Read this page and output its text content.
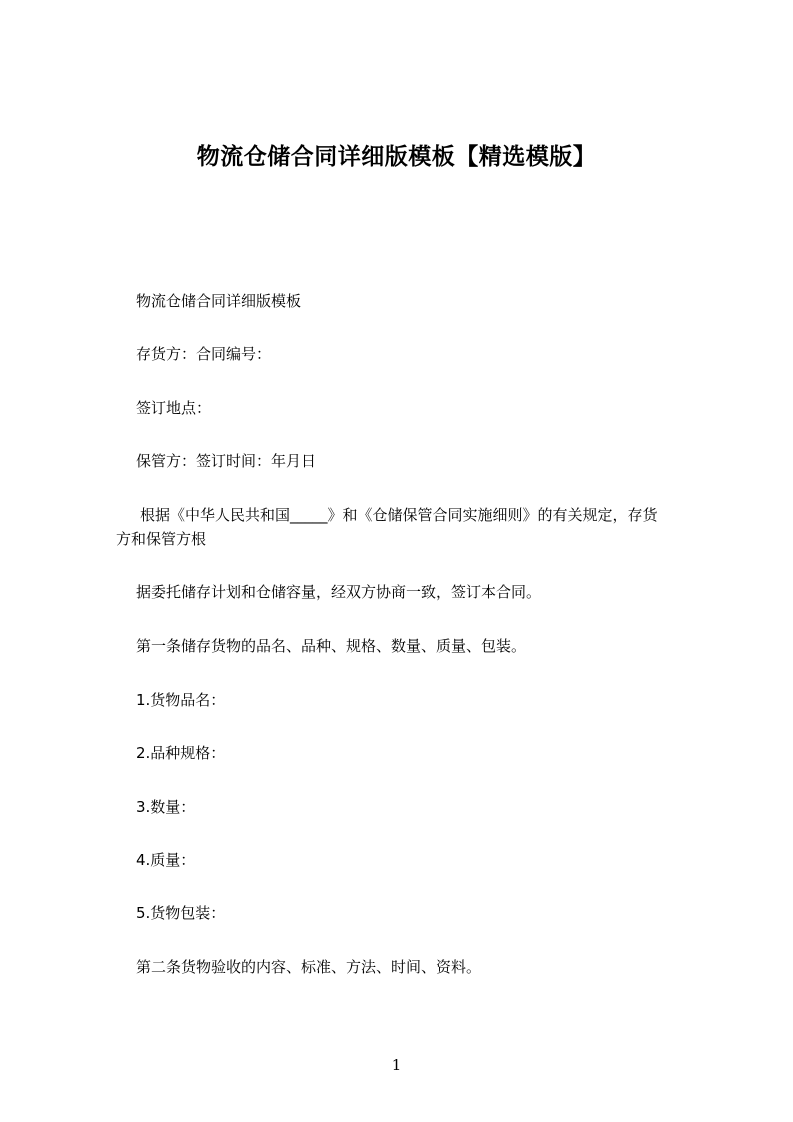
物流仓储合同详细版模板【精选模版】
物流仓储合同详细版模板
存货方：合同编号：
签订地点：
保管方：签订时间：年月日
根据《中华人民共和国_____》和《仓储保管合同实施细则》的有关规定，存货
方和保管方根
据委托储存计划和仓储容量，经双方协商一致，签订本合同。
第一条储存货物的品名、品种、规格、数量、质量、包装。
1.货物品名：
2.品种规格：
3.数量：
4.质量：
5.货物包装：
第二条货物验收的内容、标准、方法、时间、资料。
1
